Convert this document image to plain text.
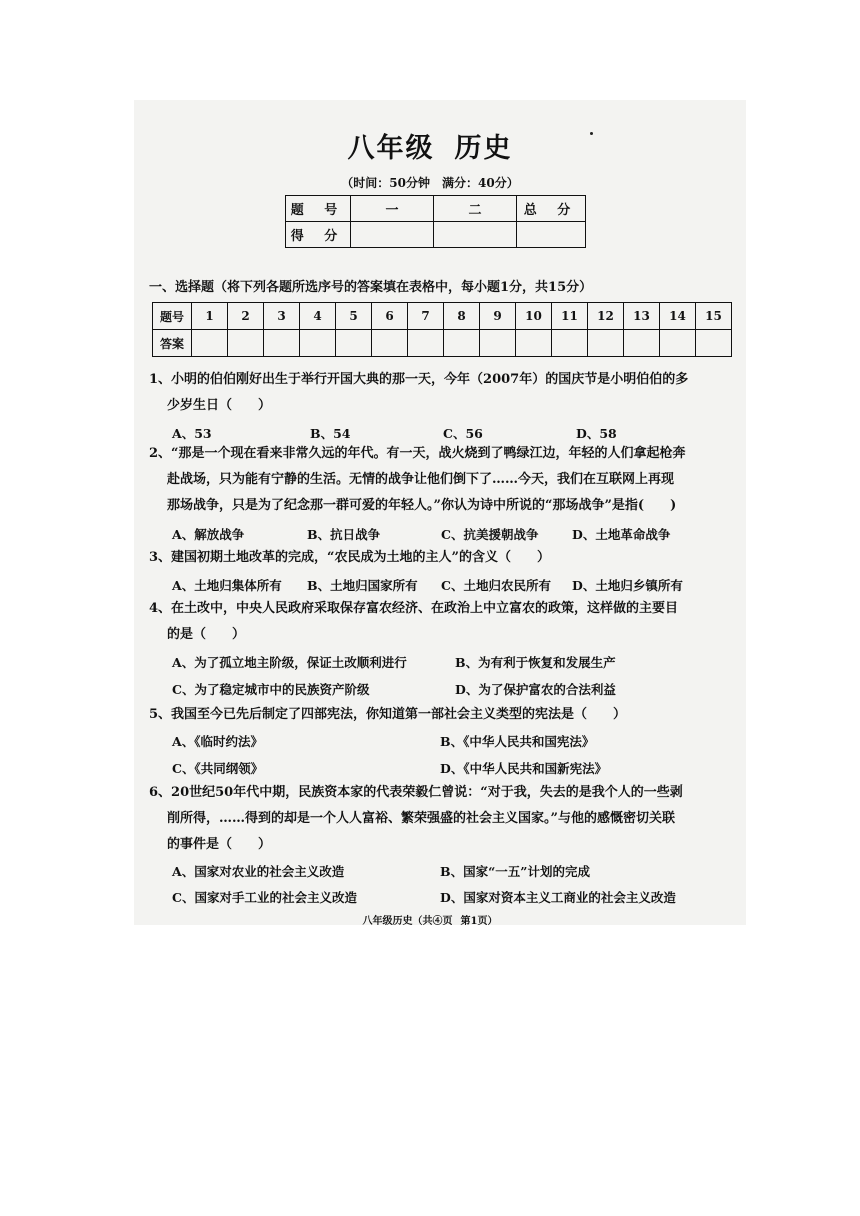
八年级 历史
（时间：50分钟 满分：40分）
题 号	一	二	总 分
得 分			
一、选择题（将下列各题所选序号的答案填在表格中，每小题1分，共15分）
题号	1	2	3	4	5	6	7	8	9	10	11	12	13	14	15
答案															
1、小明的伯伯刚好出生于举行开国大典的那一天，今年（2007年）的国庆节是小明伯伯的多
少岁生日（　　）
A、53	B、54	C、56	D、58
2、“那是一个现在看来非常久远的年代。有一天，战火烧到了鸭绿江边，年轻的人们拿起枪奔
赴战场，只为能有宁静的生活。无情的战争让他们倒下了……今天，我们在互联网上再现
那场战争，只是为了纪念那一群可爱的年轻人。”你认为诗中所说的“那场战争”是指(　　)
A、解放战争	B、抗日战争	C、抗美援朝战争	D、土地革命战争
3、建国初期土地改革的完成，“农民成为土地的主人”的含义（　　）
A、土地归集体所有 B、土地归国家所有 C、土地归农民所有 D、土地归乡镇所有
4、在土改中，中央人民政府采取保存富农经济、在政治上中立富农的政策，这样做的主要目
的是（　　）
A、为了孤立地主阶级，保证土改顺利进行	B、为有利于恢复和发展生产
C、为了稳定城市中的民族资产阶级	D、为了保护富农的合法利益
5、我国至今已先后制定了四部宪法，你知道第一部社会主义类型的宪法是（　　）
A、《临时约法》	B、《中华人民共和国宪法》
C、《共同纲领》	D、《中华人民共和国新宪法》
6、20世纪50年代中期，民族资本家的代表荣毅仁曾说：“对于我，失去的是我个人的一些剥
削所得，……得到的却是一个人人富裕、繁荣强盛的社会主义国家。”与他的感慨密切关联
的事件是（　　）
A、国家对农业的社会主义改造	B、国家“一五”计划的完成
C、国家对手工业的社会主义改造	D、国家对资本主义工商业的社会主义改造
八年级历史（共④页 第1页）
